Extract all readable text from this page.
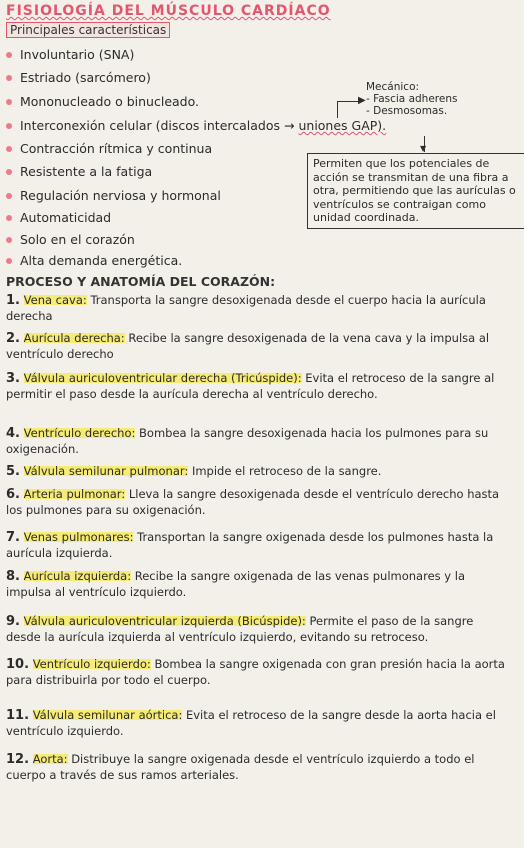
FISIOLOGÍA DEL MÚSCULO CARDÍACO
Principales características
Involuntario (SNA)
Estriado (sarcómero)
Mononucleado o binucleado.
Interconexión celular (discos intercalados → uniones GAP).
Contracción rítmica y continua
Resistente a la fatiga
Regulación nerviosa y hormonal
Automaticidad
Solo en el corazón
Alta demanda energética.
Mecánico:
- Fascia adherens
- Desmosomas.
▶
▼
Permiten que los potenciales de acción se transmitan de una fibra a otra, permitiendo que las aurículas o ventrículos se contraigan como unidad coordinada.
PROCESO Y ANATOMÍA DEL CORAZÓN:
1. Vena cava: Transporta la sangre desoxigenada desde el cuerpo hacia la aurícula derecha
2. Aurícula derecha: Recibe la sangre desoxigenada de la vena cava y la impulsa al ventrículo derecho
3. Válvula auriculoventricular derecha (Tricúspide): Evita el retroceso de la sangre al permitir el paso desde la aurícula derecha al ventrículo derecho.
4. Ventrículo derecho: Bombea la sangre desoxigenada hacia los pulmones para su oxigenación.
5. Válvula semilunar pulmonar: Impide el retroceso de la sangre.
6. Arteria pulmonar: Lleva la sangre desoxigenada desde el ventrículo derecho hasta los pulmones para su oxigenación.
7. Venas pulmonares: Transportan la sangre oxigenada desde los pulmones hasta la aurícula izquierda.
8. Aurícula izquierda: Recibe la sangre oxigenada de las venas pulmonares y la impulsa al ventrículo izquierdo.
9. Válvula auriculoventricular izquierda (Bicúspide): Permite el paso de la sangre desde la aurícula izquierda al ventrículo izquierdo, evitando su retroceso.
10. Ventrículo izquierdo: Bombea la sangre oxigenada con gran presión hacia la aorta para distribuirla por todo el cuerpo.
11. Válvula semilunar aórtica: Evita el retroceso de la sangre desde la aorta hacia el ventrículo izquierdo.
12. Aorta: Distribuye la sangre oxigenada desde el ventrículo izquierdo a todo el cuerpo a través de sus ramos arteriales.
